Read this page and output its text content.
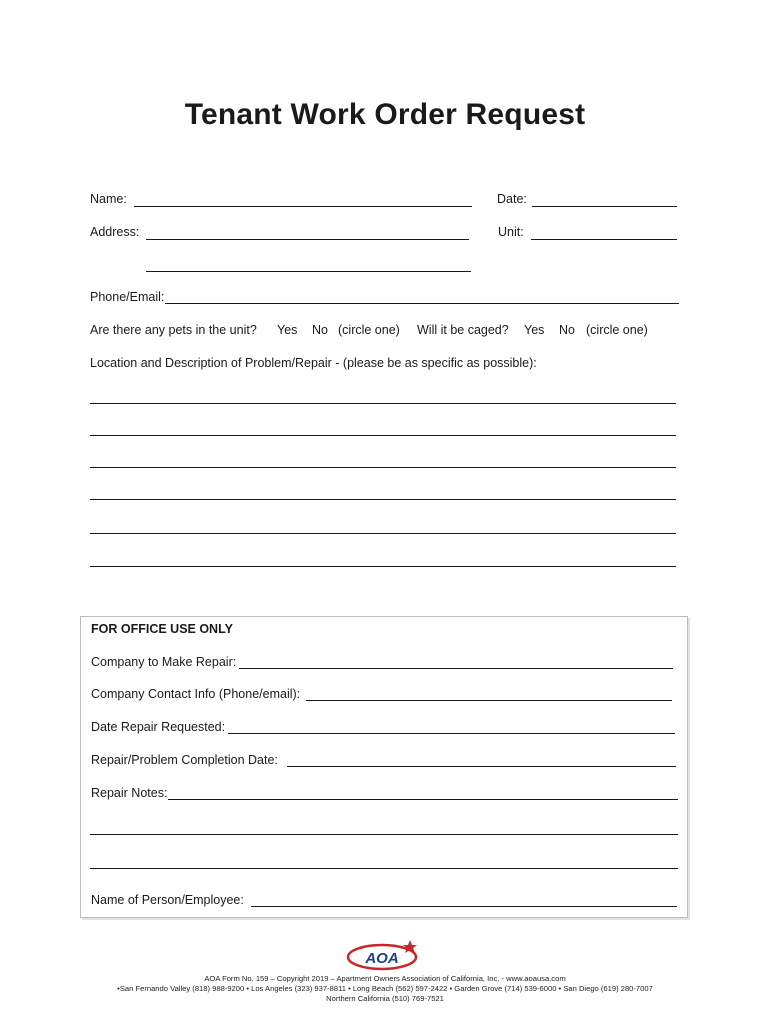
Tenant Work Order Request
Name:	Date:
Address:	Unit:
Phone/Email:
Are there any pets in the unit? Yes No (circle one) Will it be caged? Yes No (circle one)
Location and Description of Problem/Repair - (please be as specific as possible):
FOR OFFICE USE ONLY
Company to Make Repair:
Company Contact Info (Phone/email):
Date Repair Requested:
Repair/Problem Completion Date:
Repair Notes:
Name of Person/Employee:
AOA
AOA Form No. 159 – Copyright 2019 – Apartment Owners Association of California, Inc. - www.aoausa.com
•San Fernando Valley (818) 988-9200 • Los Angeles (323) 937-8811 • Long Beach (562) 597-2422 • Garden Grove (714) 539-6000 • San Diego (619) 280-7007
Northern California (510) 769-7521
